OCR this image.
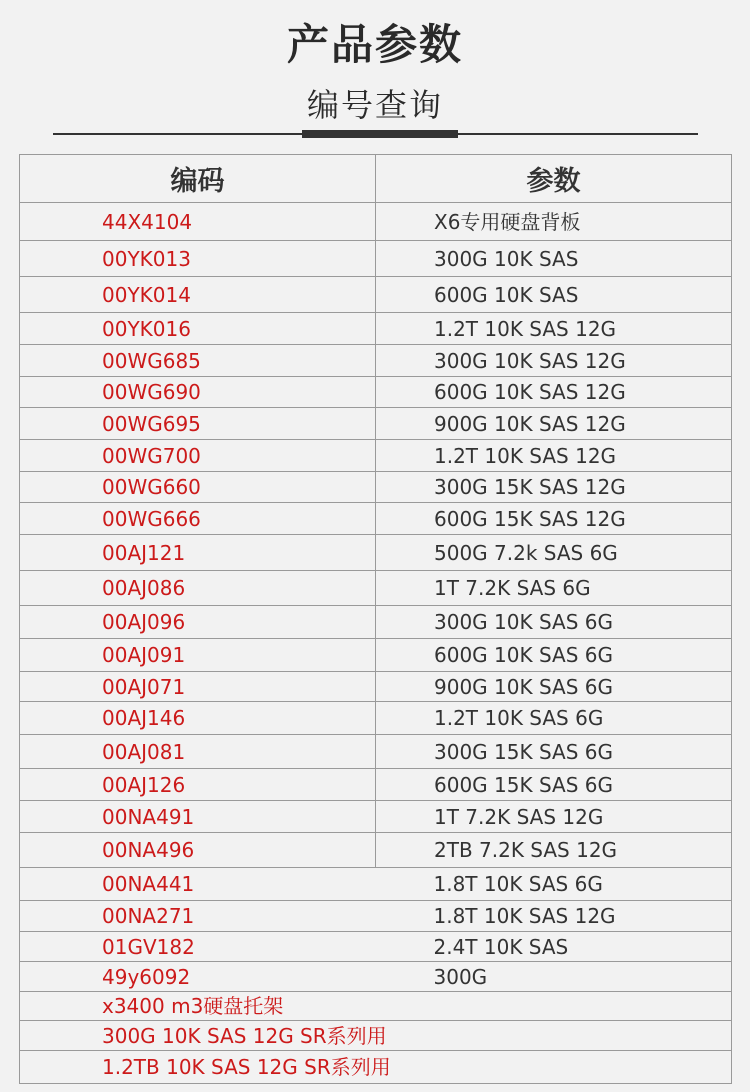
产品参数
编号查询
编码	参数
44X4104	X6专用硬盘背板
00YK013	300G 10K SAS
00YK014	600G 10K SAS
00YK016	1.2T 10K SAS 12G
00WG685	300G 10K SAS 12G
00WG690	600G 10K SAS 12G
00WG695	900G 10K SAS 12G
00WG700	1.2T 10K SAS 12G
00WG660	300G 15K SAS 12G
00WG666	600G 15K SAS 12G
00AJ121	500G 7.2k SAS 6G
00AJ086	1T 7.2K SAS 6G
00AJ096	300G 10K SAS 6G
00AJ091	600G 10K SAS 6G
00AJ071	900G 10K SAS 6G
00AJ146	1.2T 10K SAS 6G
00AJ081	300G 15K SAS 6G
00AJ126	600G 15K SAS 6G
00NA491	1T 7.2K SAS 12G
00NA496	2TB 7.2K SAS 12G
00NA441	1.8T 10K SAS 6G
00NA271	1.8T 10K SAS 12G
01GV182	2.4T 10K SAS
49y6092	300G
x3400 m3硬盘托架	
300G 10K SAS 12G SR系列用	
1.2TB 10K SAS 12G SR系列用	
